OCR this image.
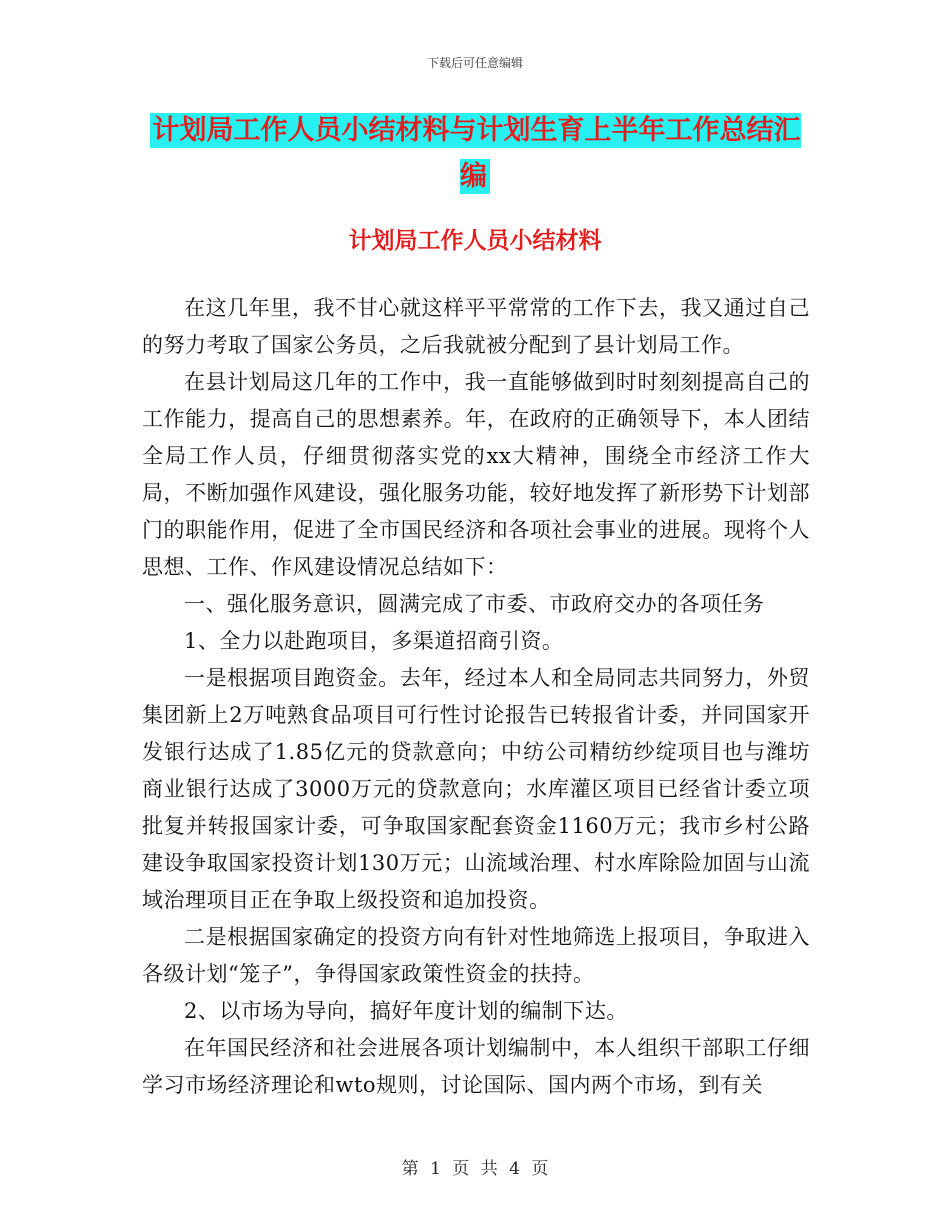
下载后可任意编辑
计划局工作人员小结材料与计划生育上半年工作总结汇编
计划局工作人员小结材料

在这几年里，我不甘心就这样平平常常的工作下去，我又通过自己的努力考取了国家公务员，之后我就被分配到了县计划局工作。

在县计划局这几年的工作中，我一直能够做到时时刻刻提高自己的工作能力，提高自己的思想素养。年，在政府的正确领导下，本人团结全局工作人员，仔细贯彻落实党的xx大精神，围绕全市经济工作大局，不断加强作风建设，强化服务功能，较好地发挥了新形势下计划部门的职能作用，促进了全市国民经济和各项社会事业的进展。现将个人思想、工作、作风建设情况总结如下：

一、强化服务意识，圆满完成了市委、市政府交办的各项任务

1、全力以赴跑项目，多渠道招商引资。

一是根据项目跑资金。去年，经过本人和全局同志共同努力，外贸集团新上2万吨熟食品项目可行性讨论报告已转报省计委，并同国家开发银行达成了1.85亿元的贷款意向；中纺公司精纺纱绽项目也与潍坊商业银行达成了3000万元的贷款意向；水库灌区项目已经省计委立项批复并转报国家计委，可争取国家配套资金1160万元；我市乡村公路建设争取国家投资计划130万元；山流域治理、村水库除险加固与山流域治理项目正在争取上级投资和追加投资。

二是根据国家确定的投资方向有针对性地筛选上报项目，争取进入各级计划“笼子”，争得国家政策性资金的扶持。

2、以市场为导向，搞好年度计划的编制下达。

在年国民经济和社会进展各项计划编制中，本人组织干部职工仔细学习市场经济理论和wto规则，讨论国际、国内两个市场，到有关

第 1 页 共 4 页
